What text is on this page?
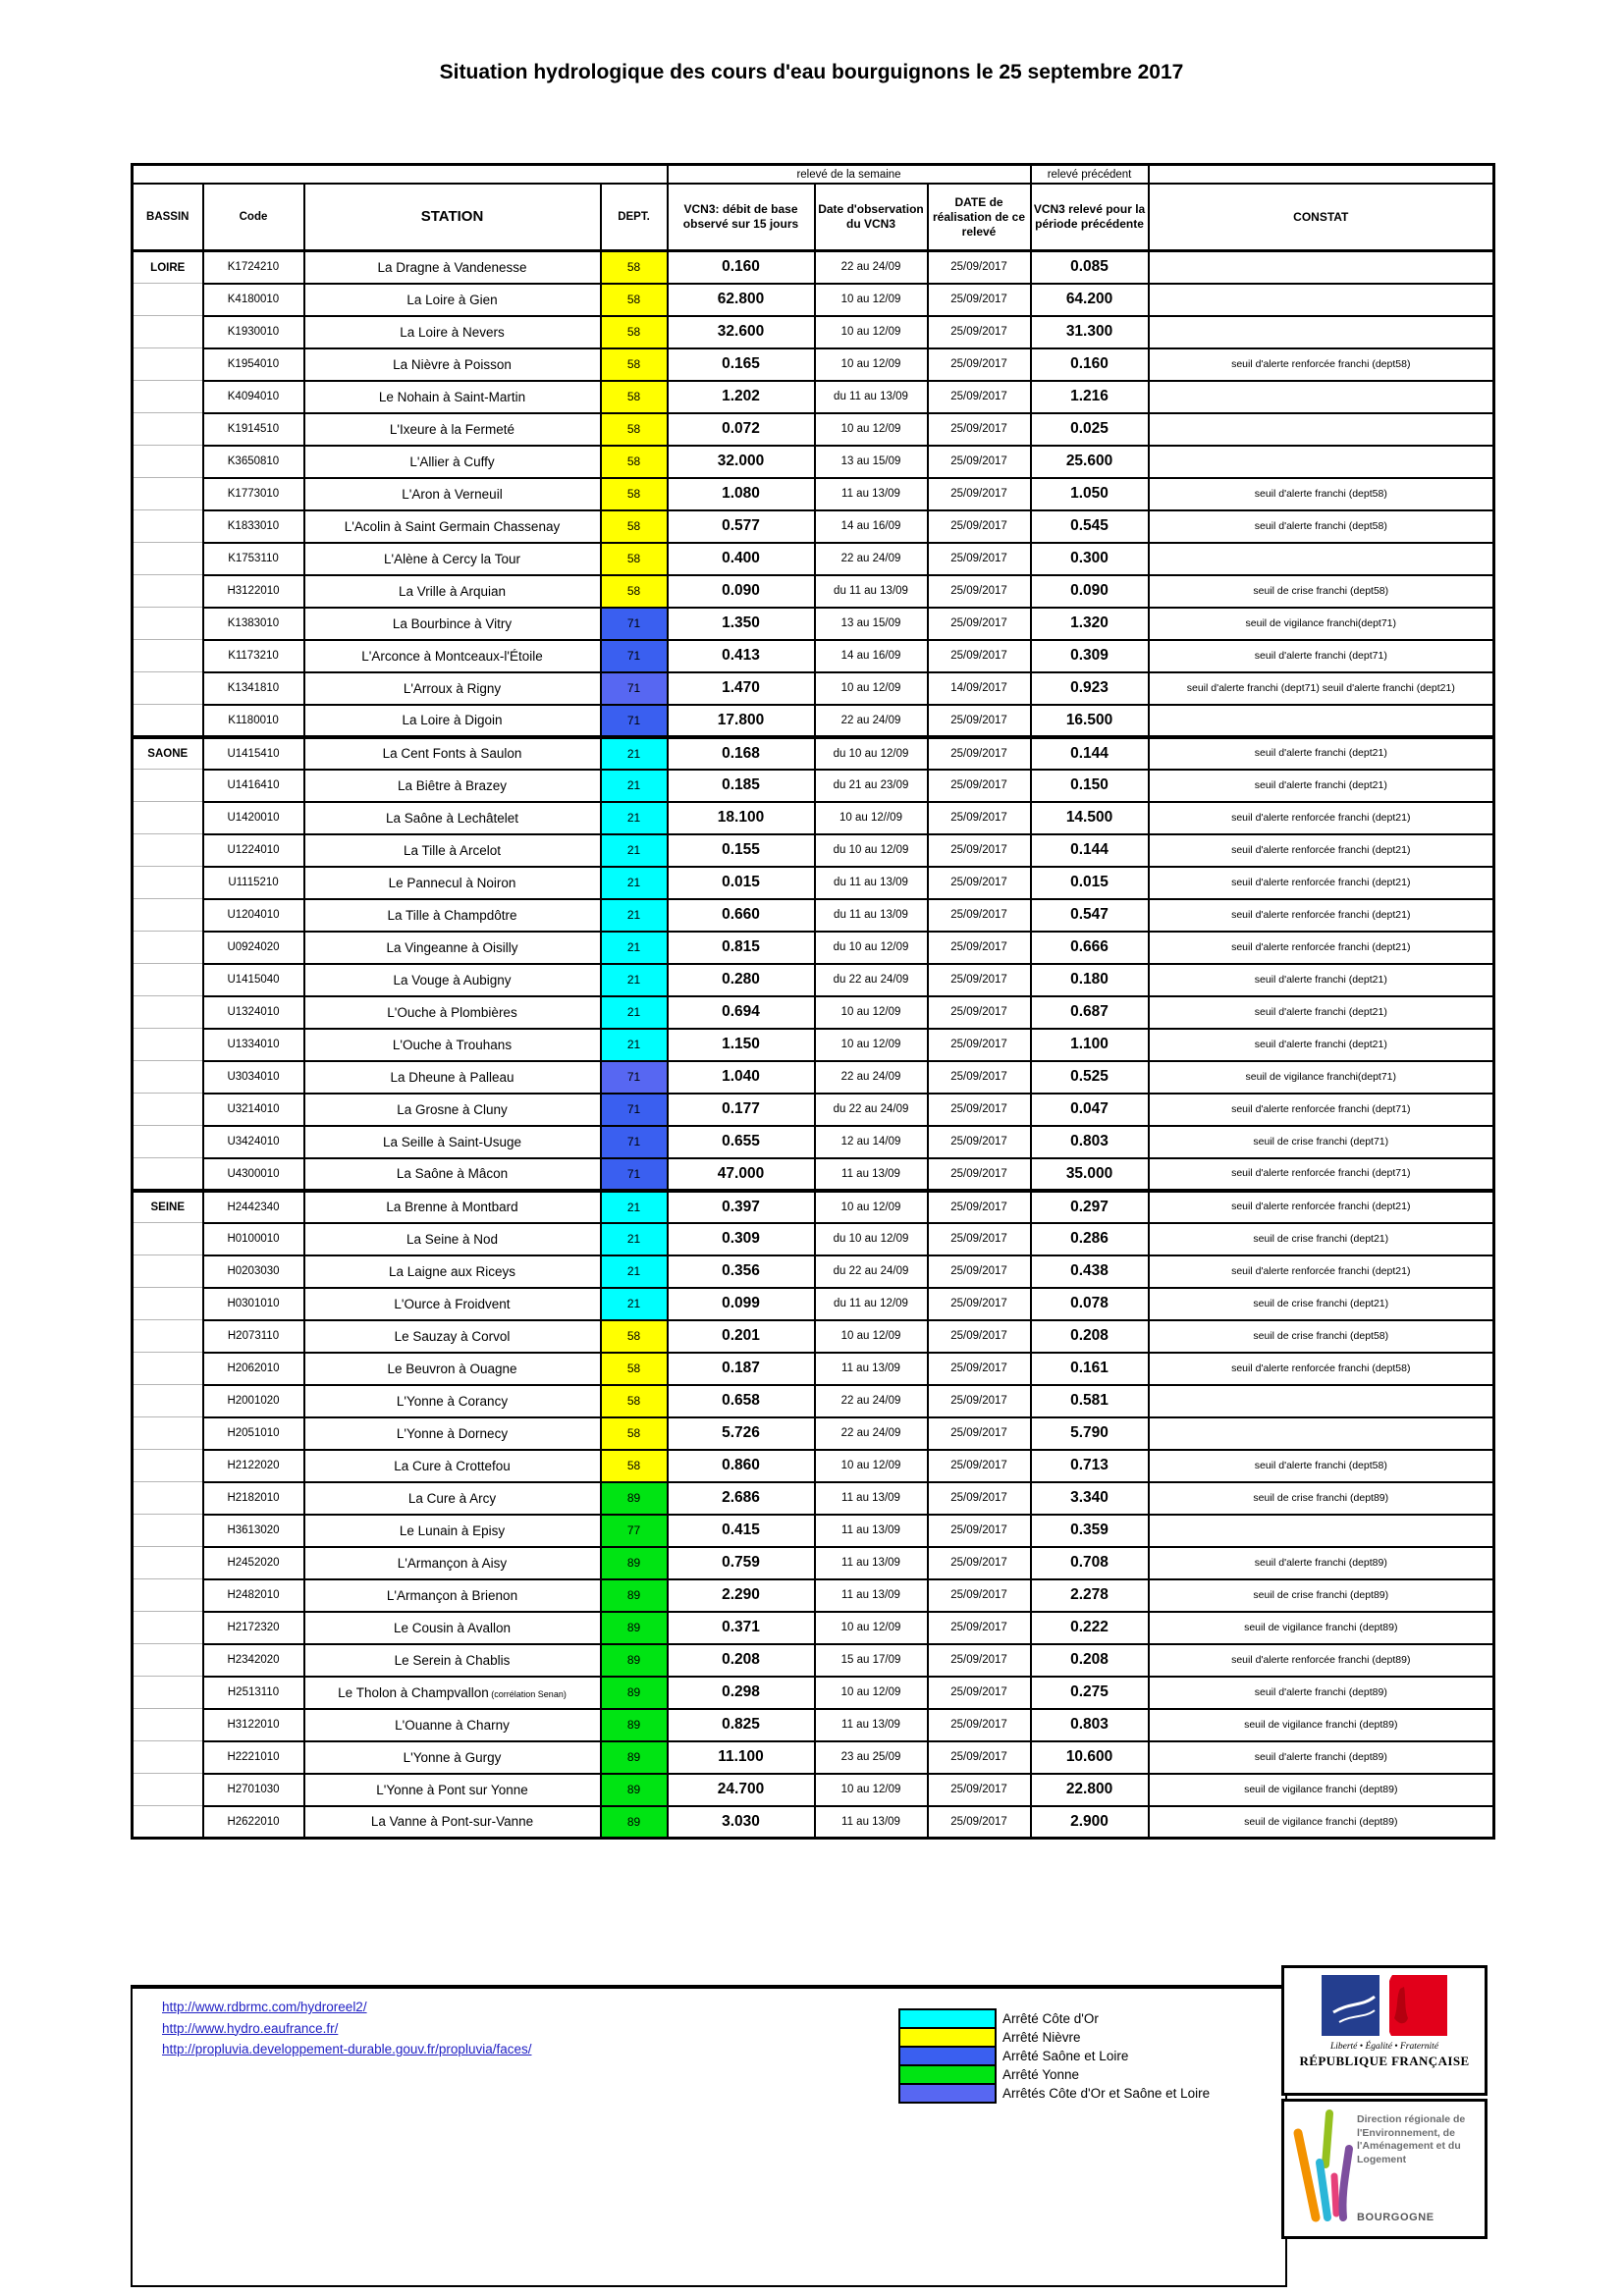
Situation hydrologique des cours d'eau bourguignons le 25 septembre 2017
				relevé de la semaine			relevé précédent	
BASSIN	Code	STATION	DEPT.	VCN3: débit de base observé sur 15 jours	Date d'observation du VCN3	DATE de réalisation de ce relevé	VCN3 relevé pour la période précédente	CONSTAT
LOIRE	K1724210	La Dragne à Vandenesse	58	0.160	22 au 24/09	25/09/2017	0.085	
	K4180010	La Loire à Gien	58	62.800	10 au 12/09	25/09/2017	64.200	
	K1930010	La Loire à Nevers	58	32.600	10 au 12/09	25/09/2017	31.300	
	K1954010	La Nièvre à Poisson	58	0.165	10 au 12/09	25/09/2017	0.160	seuil d'alerte renforcée franchi (dept58)
	K4094010	Le Nohain à Saint-Martin	58	1.202	du 11 au 13/09	25/09/2017	1.216	
	K1914510	L'Ixeure à la Fermeté	58	0.072	10 au 12/09	25/09/2017	0.025	
	K3650810	L'Allier à Cuffy	58	32.000	13 au 15/09	25/09/2017	25.600	
	K1773010	L'Aron à Verneuil	58	1.080	11 au 13/09	25/09/2017	1.050	seuil d'alerte franchi (dept58)
	K1833010	L'Acolin à Saint Germain Chassenay	58	0.577	14 au 16/09	25/09/2017	0.545	seuil d'alerte franchi (dept58)
	K1753110	L'Alène à Cercy la Tour	58	0.400	22 au 24/09	25/09/2017	0.300	
	H3122010	La Vrille à Arquian	58	0.090	du 11 au 13/09	25/09/2017	0.090	seuil de crise franchi (dept58)
	K1383010	La Bourbince à Vitry	71	1.350	13 au 15/09	25/09/2017	1.320	seuil de vigilance franchi(dept71)
	K1173210	L'Arconce à Montceaux-l'Étoile	71	0.413	14 au 16/09	25/09/2017	0.309	seuil d'alerte franchi (dept71)
	K1341810	L'Arroux à Rigny	71	1.470	10 au 12/09	14/09/2017	0.923	seuil d'alerte franchi (dept71) seuil d'alerte franchi (dept21)
	K1180010	La Loire à Digoin	71	17.800	22 au 24/09	25/09/2017	16.500	
SAONE	U1415410	La Cent Fonts à Saulon	21	0.168	du 10 au 12/09	25/09/2017	0.144	seuil d'alerte franchi (dept21)
	U1416410	La Biêtre à Brazey	21	0.185	du 21 au 23/09	25/09/2017	0.150	seuil d'alerte franchi (dept21)
	U1420010	La Saône à Lechâtelet	21	18.100	10 au 12//09	25/09/2017	14.500	seuil d'alerte renforcée franchi (dept21)
	U1224010	La Tille à Arcelot	21	0.155	du 10 au 12/09	25/09/2017	0.144	seuil d'alerte renforcée franchi (dept21)
	U1115210	Le Pannecul à Noiron	21	0.015	du 11 au 13/09	25/09/2017	0.015	seuil d'alerte renforcée franchi (dept21)
	U1204010	La Tille à Champdôtre	21	0.660	du 11 au 13/09	25/09/2017	0.547	seuil d'alerte renforcée franchi (dept21)
	U0924020	La Vingeanne à Oisilly	21	0.815	du 10 au 12/09	25/09/2017	0.666	seuil d'alerte renforcée franchi (dept21)
	U1415040	La Vouge à Aubigny	21	0.280	du 22 au 24/09	25/09/2017	0.180	seuil d'alerte franchi (dept21)
	U1324010	L'Ouche à Plombières	21	0.694	10 au 12/09	25/09/2017	0.687	seuil d'alerte franchi (dept21)
	U1334010	L'Ouche à Trouhans	21	1.150	10 au 12/09	25/09/2017	1.100	seuil d'alerte franchi (dept21)
	U3034010	La Dheune à Palleau	71	1.040	22 au 24/09	25/09/2017	0.525	seuil de vigilance franchi(dept71)
	U3214010	La Grosne à Cluny	71	0.177	du 22 au 24/09	25/09/2017	0.047	seuil d'alerte renforcée franchi (dept71)
	U3424010	La Seille à Saint-Usuge	71	0.655	12 au 14/09	25/09/2017	0.803	seuil de crise franchi (dept71)
	U4300010	La Saône à Mâcon	71	47.000	11 au 13/09	25/09/2017	35.000	seuil d'alerte renforcée franchi (dept71)
SEINE	H2442340	La Brenne à Montbard	21	0.397	10 au 12/09	25/09/2017	0.297	seuil d'alerte renforcée franchi (dept21)
	H0100010	La Seine à Nod	21	0.309	du 10 au 12/09	25/09/2017	0.286	seuil de crise franchi (dept21)
	H0203030	La Laigne aux Riceys	21	0.356	du 22 au 24/09	25/09/2017	0.438	seuil d'alerte renforcée franchi (dept21)
	H0301010	L'Ource à Froidvent	21	0.099	du 11 au 12/09	25/09/2017	0.078	seuil de crise franchi (dept21)
	H2073110	Le Sauzay à Corvol	58	0.201	10 au 12/09	25/09/2017	0.208	seuil de crise franchi (dept58)
	H2062010	Le Beuvron à Ouagne	58	0.187	11 au 13/09	25/09/2017	0.161	seuil d'alerte renforcée franchi (dept58)
	H2001020	L'Yonne à Corancy	58	0.658	22 au 24/09	25/09/2017	0.581	
	H2051010	L'Yonne à Dornecy	58	5.726	22 au 24/09	25/09/2017	5.790	
	H2122020	La Cure à Crottefou	58	0.860	10 au 12/09	25/09/2017	0.713	seuil d'alerte franchi (dept58)
	H2182010	La Cure à Arcy	89	2.686	11 au 13/09	25/09/2017	3.340	seuil de crise franchi (dept89)
	H3613020	Le Lunain à Episy	77	0.415	11 au 13/09	25/09/2017	0.359	
	H2452020	L'Armançon à Aisy	89	0.759	11 au 13/09	25/09/2017	0.708	seuil d'alerte franchi (dept89)
	H2482010	L'Armançon à Brienon	89	2.290	11 au 13/09	25/09/2017	2.278	seuil de crise franchi (dept89)
	H2172320	Le Cousin à Avallon	89	0.371	10 au 12/09	25/09/2017	0.222	seuil de vigilance franchi (dept89)
	H2342020	Le Serein à Chablis	89	0.208	15 au 17/09	25/09/2017	0.208	seuil d'alerte renforcée franchi (dept89)
	H2513110	Le Tholon à Champvallon (corrélation Senan)	89	0.298	10 au 12/09	25/09/2017	0.275	seuil d'alerte franchi (dept89)
	H3122010	L'Ouanne à Charny	89	0.825	11 au 13/09	25/09/2017	0.803	seuil de vigilance franchi (dept89)
	H2221010	L'Yonne à Gurgy	89	11.100	23 au 25/09	25/09/2017	10.600	seuil d'alerte franchi (dept89)
	H2701030	L'Yonne à Pont sur Yonne	89	24.700	10 au 12/09	25/09/2017	22.800	seuil de vigilance franchi (dept89)
	H2622010	La Vanne à Pont-sur-Vanne	89	3.030	11 au 13/09	25/09/2017	2.900	seuil de vigilance franchi (dept89)
http://www.rdbrmc.com/hydroreel2/
http://www.hydro.eaufrance.fr/
http://propluvia.developpement-durable.gouv.fr/propluvia/faces/
Arrêté Côte d'Or
Arrêté Nièvre
Arrêté Saône et Loire
Arrêté Yonne
Arrêtés Côte d'Or et Saône et Loire
Liberté • Égalité • Fraternité
RÉPUBLIQUE FRANÇAISE
Direction régionale de l'Environnement, de l'Aménagement et du Logement
BOURGOGNE
